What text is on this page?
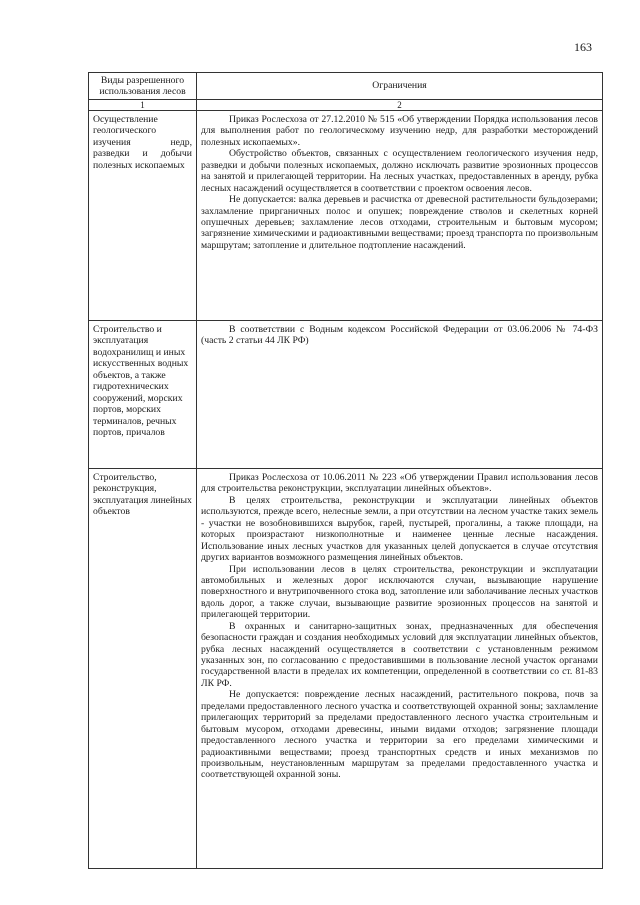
163
Виды разрешенного использования лесов	Ограничения
1	2
Осуществление геологического изучения недр, разведки и добычи полезных ископаемых	Приказ Рослесхоза от 27.12.2010 № 515 «Об утверждении Порядка использования лесов для выполнения работ по геологическому изучению недр, для разработки месторождений полезных ископаемых».

Обустройство объектов, связанных с осуществлением геологического изучения недр, разведки и добычи полезных ископаемых, должно исключать развитие эрозионных процессов на занятой и прилегающей территории. На лесных участках, предоставленных в аренду, рубка лесных насаждений осуществляется в соответствии с проектом освоения лесов.

Не допускается: валка деревьев и расчистка от древесной растительности бульдозерами; захламление прирганичных полос и опушек; повреждение стволов и скелетных корней опушечных деревьев; захламление лесов отходами, строительным и бытовым мусором; загрязнение химическими и радиоактивными веществами; проезд транспорта по произвольным маршрутам; затопление и длительное подтопление насаждений.

Строительство и эксплуатация водохранилищ и иных искусственных водных объектов, а также гидротехнических сооружений, морских портов, морских терминалов, речных портов, причалов	В соответствии с Водным кодексом Российской Федерации от 03.06.2006 № 74-ФЗ (часть 2 статьи 44 ЛК РФ)

Строительство, реконструкция, эксплуатация линейных объектов	Приказ Рослесхоза от 10.06.2011 № 223 «Об утверждении Правил использования лесов для строительства реконструкции, эксплуатации линейных объектов».

В целях строительства, реконструкции и эксплуатации линейных объектов используются, прежде всего, нелесные земли, а при отсутствии на лесном участке таких земель - участки не возобновившихся вырубок, гарей, пустырей, прогалины, а также площади, на которых произрастают низкополнотные и наименее ценные лесные насаждения. Использование иных лесных участков для указанных целей допускается в случае отсутствия других вариантов возможного размещения линейных объектов.

При использовании лесов в целях строительства, реконструкции и эксплуатации автомобильных и железных дорог исключаются случаи, вызывающие нарушение поверхностного и внутрипочвенного стока вод, затопление или заболачивание лесных участков вдоль дорог, а также случаи, вызывающие развитие эрозионных процессов на занятой и прилегающей территории.

В охранных и санитарно-защитных зонах, предназначенных для обеспечения безопасности граждан и создания необходимых условий для эксплуатации линейных объектов, рубка лесных насаждений осуществляется в соответствии с установленным режимом указанных зон, по согласованию с предоставившими в пользование лесной участок органами государственной власти в пределах их компетенции, определенной в соответствии со ст. 81-83 ЛК РФ.

Не допускается: повреждение лесных насаждений, растительного покрова, почв за пределами предоставленного лесного участка и соответствующей охранной зоны; захламление прилегающих территорий за пределами предоставленного лесного участка строительным и бытовым мусором, отходами древесины, иными видами отходов; загрязнение площади предоставленного лесного участка и территории за его пределами химическими и радиоактивными веществами; проезд транспортных средств и иных механизмов по произвольным, неустановленным маршрутам за пределами предоставленного участка и соответствующей охранной зоны.
